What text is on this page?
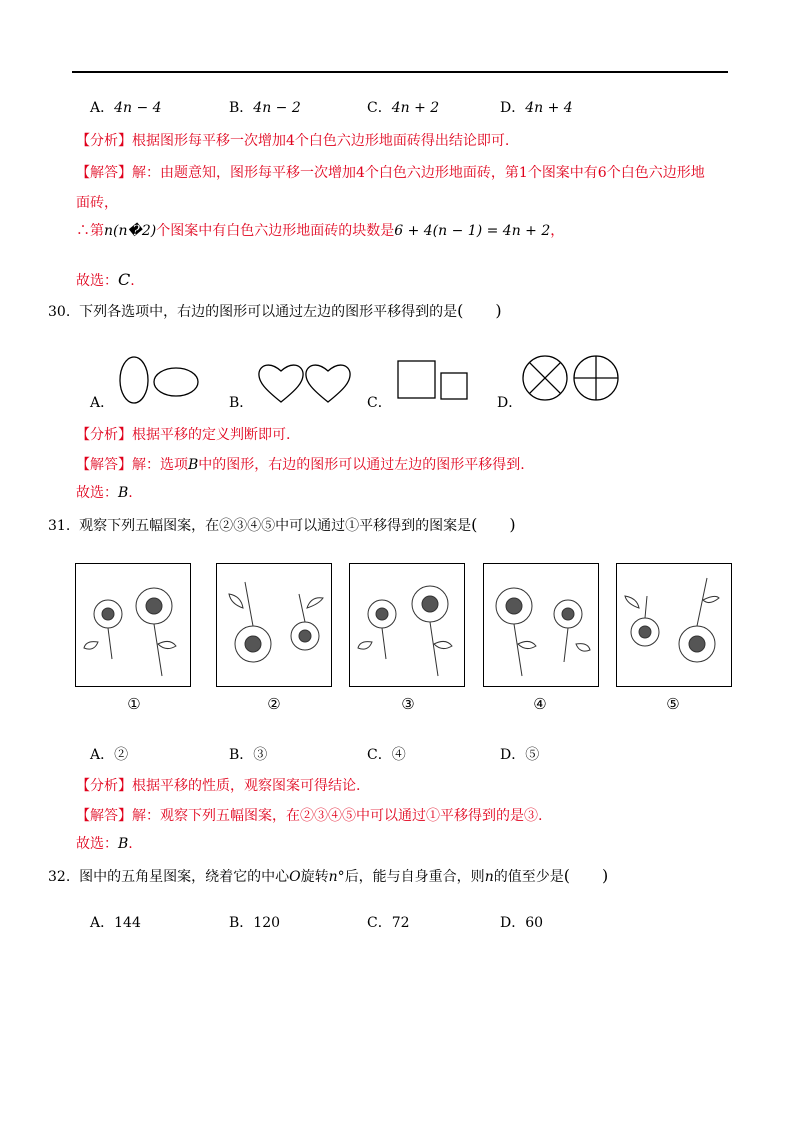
A．4n − 4	B．4n − 2	C．4n + 2	D．4n + 4
【分析】根据图形每平移一次增加4个白色六边形地面砖得出结论即可.
【解答】解：由题意知，图形每平移一次增加4个白色六边形地面砖，第1个图案中有6个白色六边形地
面砖，
∴第n(n�2)个图案中有白色六边形地面砖的块数是6 + 4(n − 1) = 4n + 2，
故选：C.
30. 下列各选项中，右边的图形可以通过左边的图形平移得到的是(　　)
A．	B．	C．	D．
【分析】根据平移的定义判断即可.
【解答】解：选项B中的图形，右边的图形可以通过左边的图形平移得到.
故选：B.
31. 观察下列五幅图案，在②③④⑤中可以通过①平移得到的图案是(　　)
①	②	③	④	⑤
A．②	B．③	C．④	D．⑤
【分析】根据平移的性质，观察图案可得结论.
【解答】解：观察下列五幅图案，在②③④⑤中可以通过①平移得到的是③.
故选：B.
32. 图中的五角星图案，绕着它的中心O旋转n°后，能与自身重合，则n的值至少是(　　)
A．144	B．120	C．72	D．60
